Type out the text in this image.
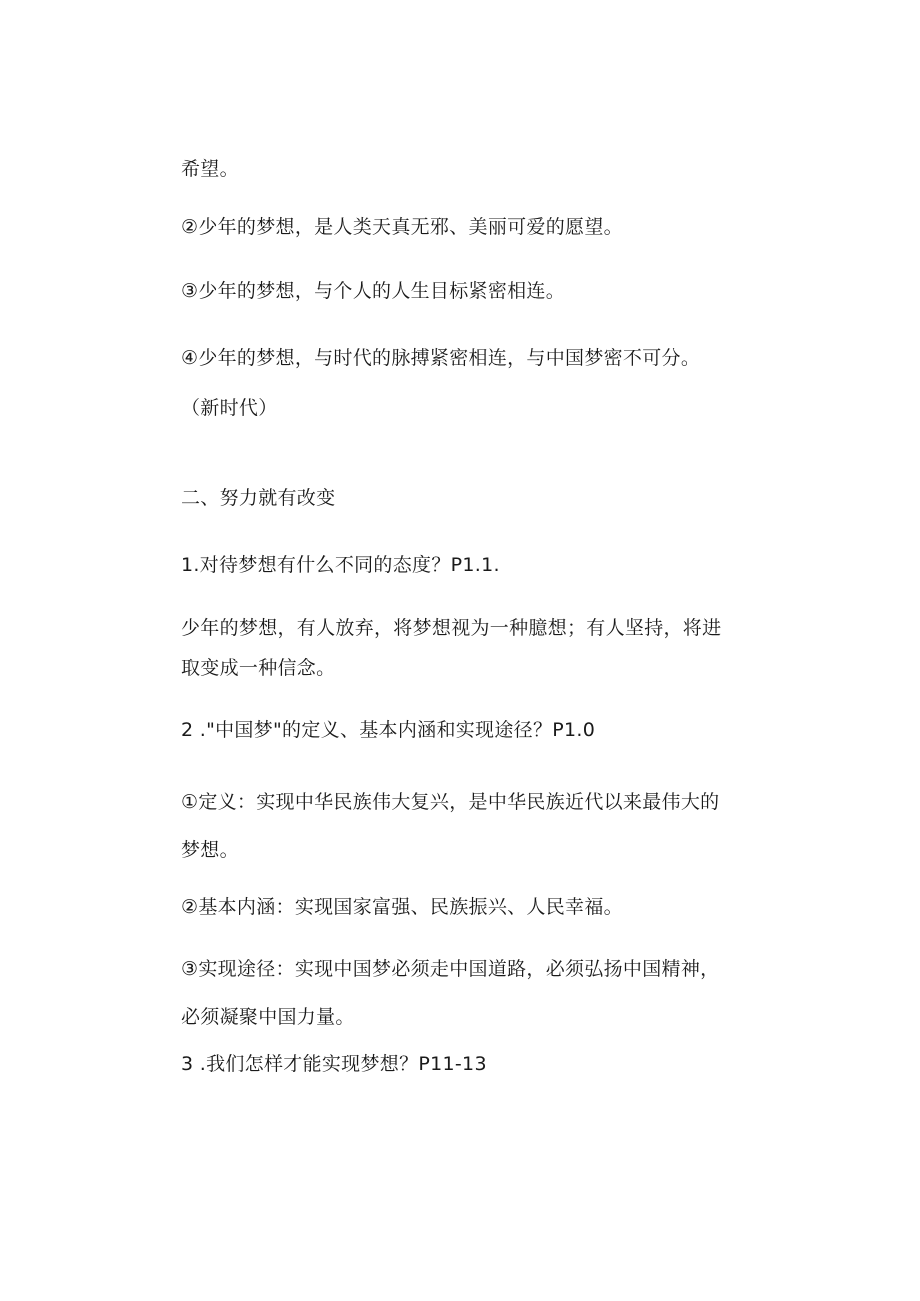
希望。
②少年的梦想，是人类天真无邪、美丽可爱的愿望。
③少年的梦想，与个人的人生目标紧密相连。
④少年的梦想，与时代的脉搏紧密相连，与中国梦密不可分。
（新时代）
二、努力就有改变
1.对待梦想有什么不同的态度？P1.1.
少年的梦想，有人放弃，将梦想视为一种臆想；有人坚持，将进
取变成一种信念。
2 ."中国梦"的定义、基本内涵和实现途径？P1.0
①定义：实现中华民族伟大复兴，是中华民族近代以来最伟大的
梦想。
②基本内涵：实现国家富强、民族振兴、人民幸福。
③实现途径：实现中国梦必须走中国道路，必须弘扬中国精神，
必须凝聚中国力量。
3 .我们怎样才能实现梦想？P11-13
